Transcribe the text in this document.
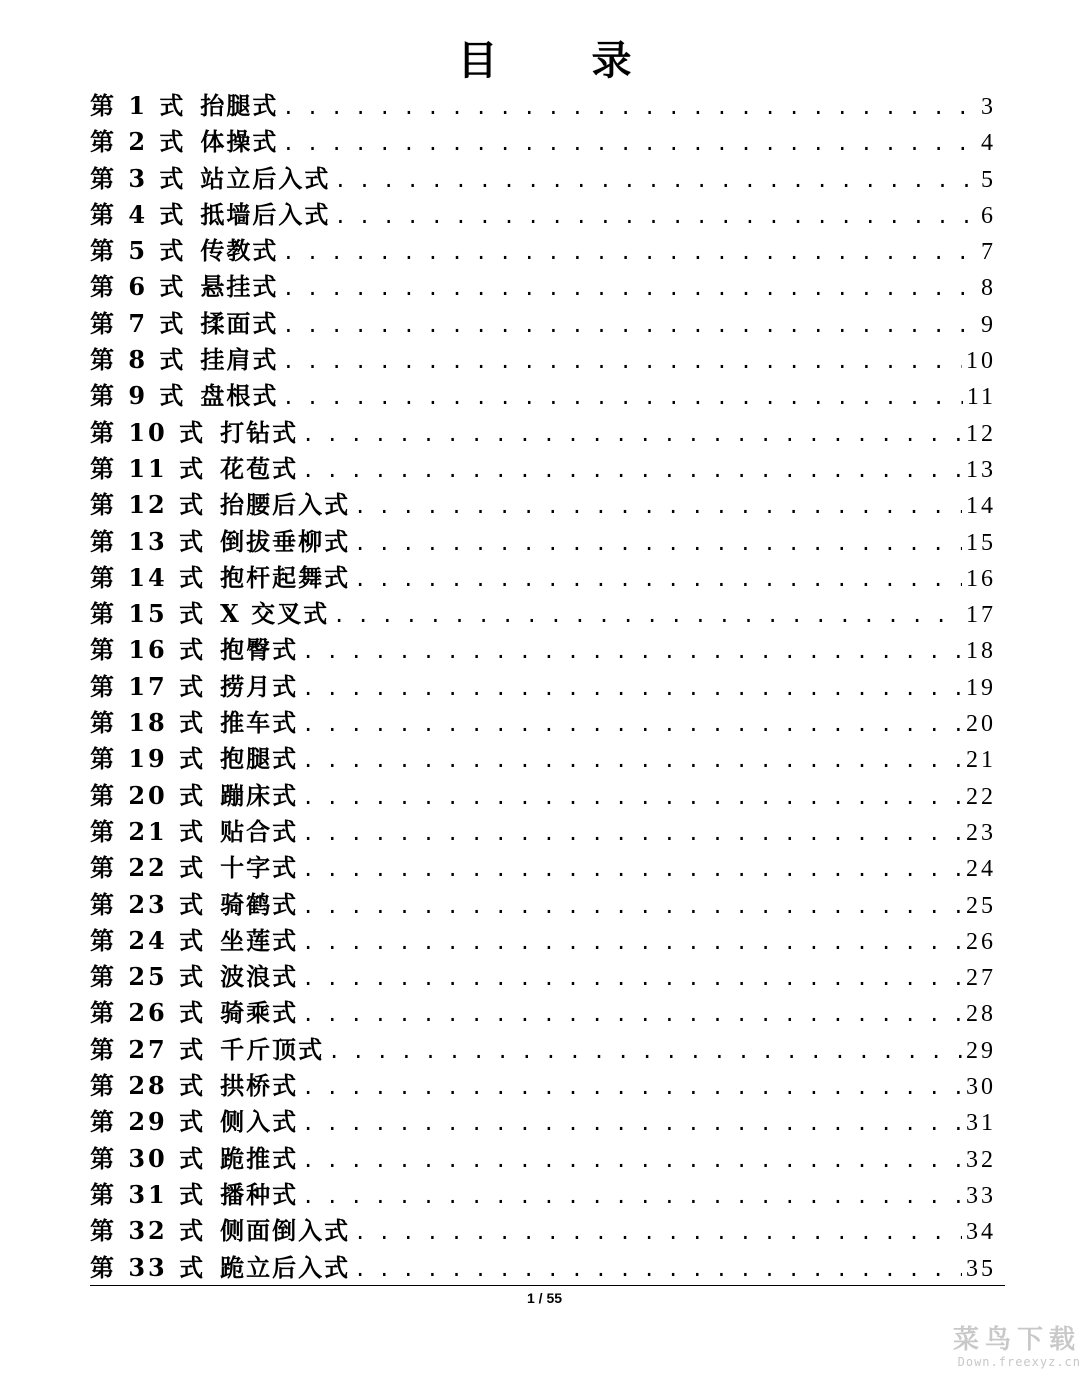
目 录
第 1 式 抬腿式 . . .	3
第 2 式 体操式 . . .	4
第 3 式 站立后入式 . . .	5
第 4 式 抵墙后入式 . . .	6
第 5 式 传教式 . . .	7
第 6 式 悬挂式 . . .	8
第 7 式 揉面式 . . .	9
第 8 式 挂肩式 . . .	10
第 9 式 盘根式 . . .	11
第 10 式 打钻式 . . .	12
第 11 式 花苞式 . . .	13
第 12 式 抬腰后入式 . . .	14
第 13 式 倒拔垂柳式 . . .	15
第 14 式 抱杆起舞式 . . .	16
第 15 式 X 交叉式 . . .	17
第 16 式 抱臀式 . . .	18
第 17 式 捞月式 . . .	19
第 18 式 推车式 . . .	20
第 19 式 抱腿式 . . .	21
第 20 式 蹦床式 . . .	22
第 21 式 贴合式 . . .	23
第 22 式 十字式 . . .	24
第 23 式 骑鹤式 . . .	25
第 24 式 坐莲式 . . .	26
第 25 式 波浪式 . . .	27
第 26 式 骑乘式 . . .	28
第 27 式 千斤顶式 . . .	29
第 28 式 拱桥式 . . .	30
第 29 式 侧入式 . . .	31
第 30 式 跪推式 . . .	32
第 31 式 播种式 . . .	33
第 32 式 侧面倒入式 . . .	34
第 33 式 跪立后入式 . . .	35
1 / 55
菜鸟下载
Down.freexyz.cn
